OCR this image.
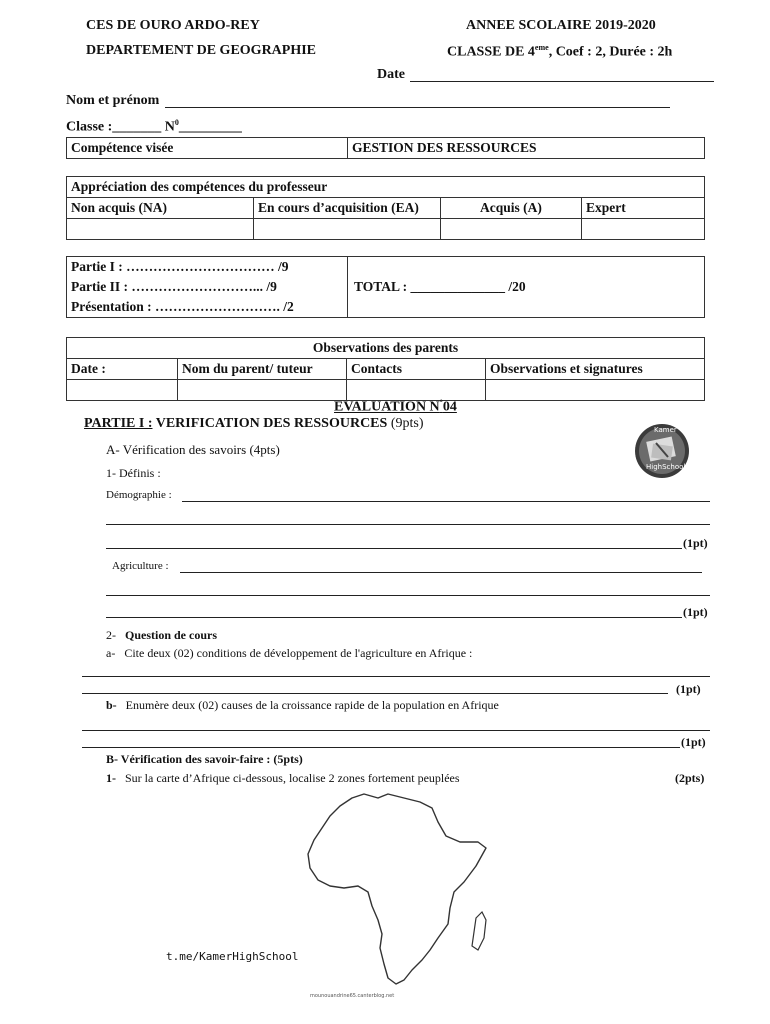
CES DE OURO ARDO-REY	ANNEE SCOLAIRE 2019-2020
DEPARTEMENT DE GEOGRAPHIE	CLASSE DE 4eme, Coef : 2, Durée : 2h
Date
Nom et prénom
Classe :_______ $N^0\_\_\_\_\_\_\_\_\_$
Compétence visée	GESTION DES RESSOURCES
Appréciation des compétences du professeur			
Non acquis (NA)	En cours d’acquisition (EA)	Acquis (A)	Expert

Partie I : …………………………… /9	TOTAL : ______________ /20
Partie II : ………………………... /9
Présentation : ………………………. /2
Observations des parents			
Date :	Nom du parent/ tuteur	Contacts	Observations et signatures

EVALUATION N°04
PARTIE I : VERIFICATION DES RESSOURCES (9pts)	Kamer
HighSchool
A- Vérification des savoirs (4pts)
1- Définis :
Démographie :
(1pt)
Agriculture :
(1pt)
2- Question de cours
a- Cite deux (02) conditions de développement de l'agriculture en Afrique :
(1pt)
b- Enumère deux (02) causes de la croissance rapide de la population en Afrique
(1pt)
B- Vérification des savoir-faire : (5pts)
1- Sur la carte d’Afrique ci-dessous, localise 2 zones fortement peuplées	(2pts)
t.me/KamerHighSchool
mounouandrine65.canterblog.net
